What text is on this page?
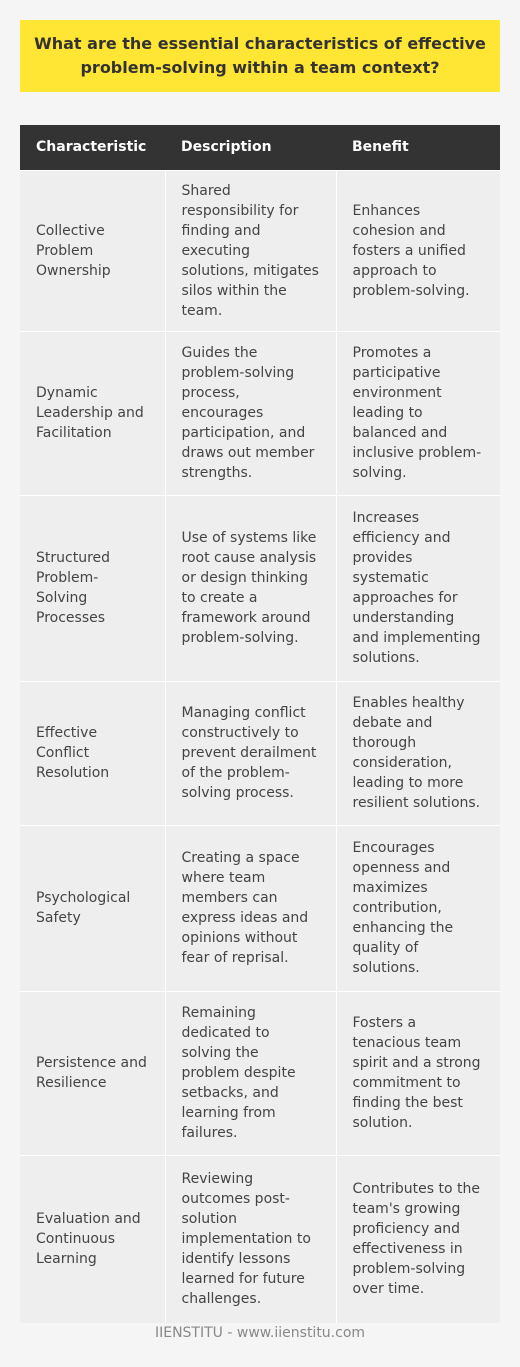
What are the essential characteristics of effective problem-solving within a team context?
Characteristic	Description	Benefit
Collective Problem Ownership	Shared responsibility for finding and executing solutions, mitigates silos within the team.	Enhances cohesion and fosters a unified approach to problem-solving.
Dynamic Leadership and Facilitation	Guides the problem-solving process, encourages participation, and draws out member strengths.	Promotes a participative environment leading to balanced and inclusive problem-solving.
Structured Problem-Solving Processes	Use of systems like root cause analysis or design thinking to create a framework around problem-solving.	Increases efficiency and provides systematic approaches for understanding and implementing solutions.
Effective Conflict Resolution	Managing conflict constructively to prevent derailment of the problem-solving process.	Enables healthy debate and thorough consideration, leading to more resilient solutions.
Psychological Safety	Creating a space where team members can express ideas and opinions without fear of reprisal.	Encourages openness and maximizes contribution, enhancing the quality of solutions.
Persistence and Resilience	Remaining dedicated to solving the problem despite setbacks, and learning from failures.	Fosters a tenacious team spirit and a strong commitment to finding the best solution.
Evaluation and Continuous Learning	Reviewing outcomes post-solution implementation to identify lessons learned for future challenges.	Contributes to the team's growing proficiency and effectiveness in problem-solving over time.
IIENSTITU - www.iienstitu.com
